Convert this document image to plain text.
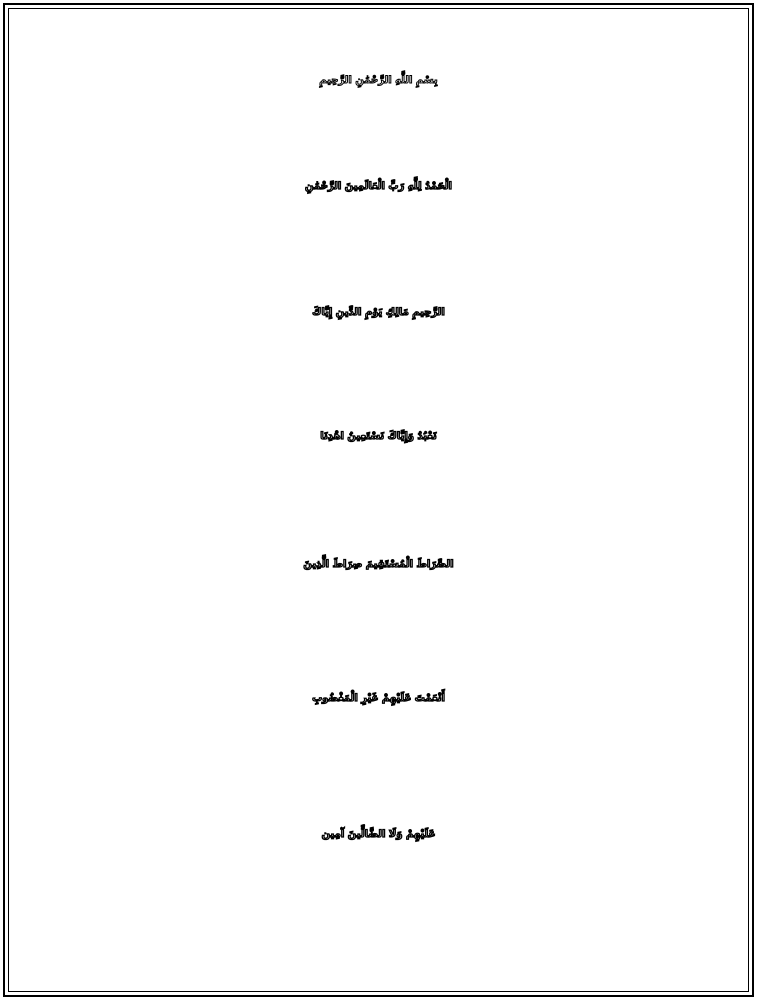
بِسْمِ اللَّهِ الرَّحْمَٰنِ الرَّحِيمِ
الْحَمْدُ لِلَّهِ رَبِّ الْعَالَمِينَ الرَّحْمَٰنِ
الرَّحِيمِ مَالِكِ يَوْمِ الدِّينِ إِيَّاكَ
نَعْبُدُ وَإِيَّاكَ نَسْتَعِينُ اهْدِنَا
الصِّرَاطَ الْمُسْتَقِيمَ صِرَاطَ الَّذِينَ
أَنْعَمْتَ عَلَيْهِمْ غَيْرِ الْمَغْضُوبِ
عَلَيْهِمْ وَلَا الضَّالِّينَ آمِين
